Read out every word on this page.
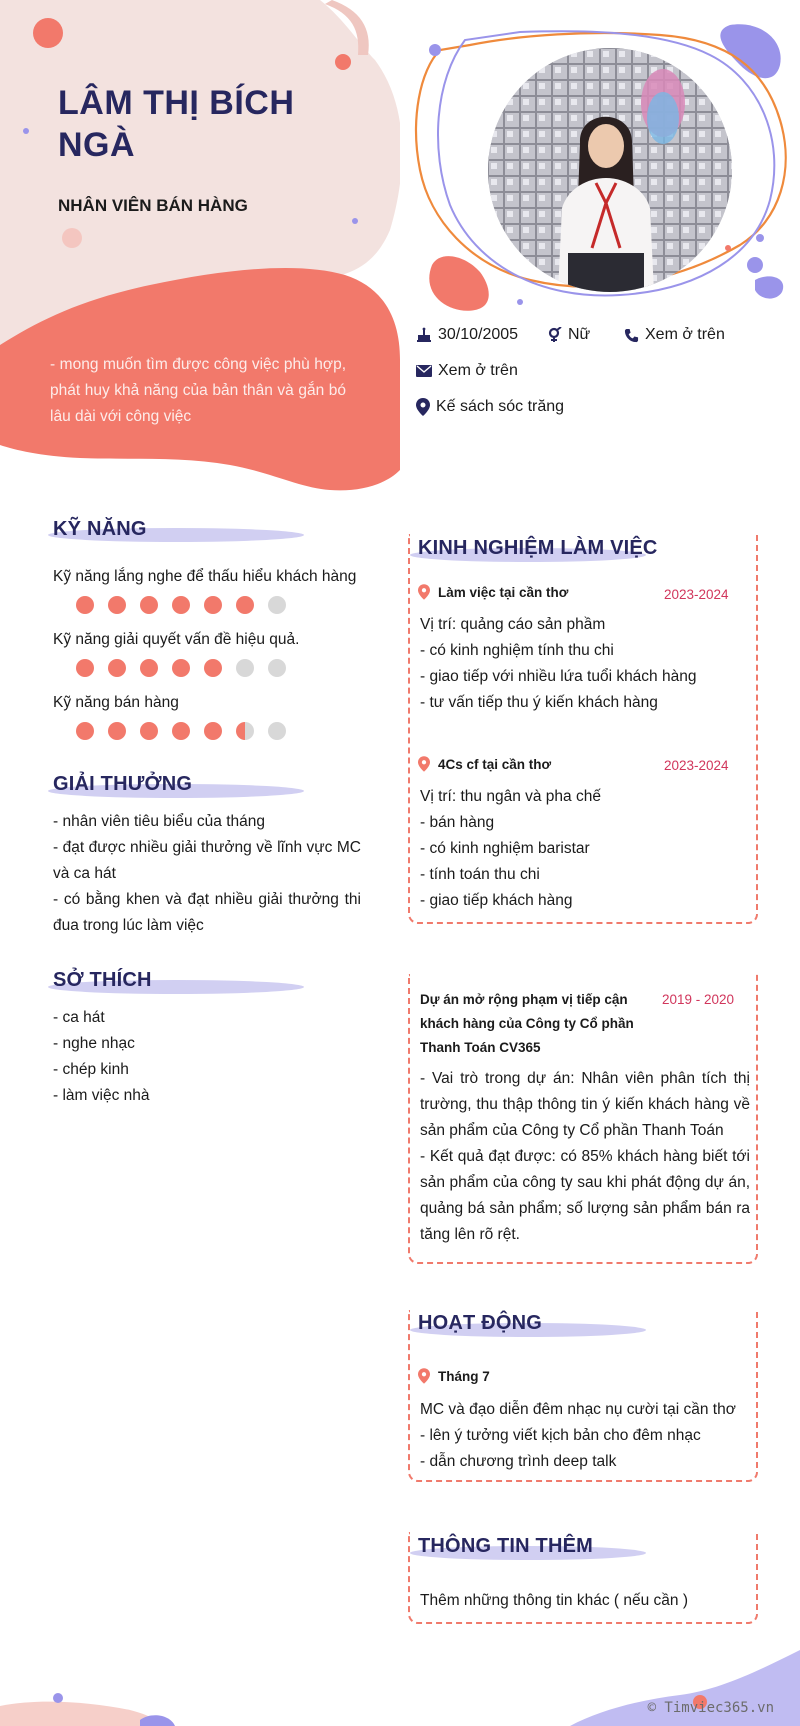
LÂM THỊ BÍCH NGÀ
NHÂN VIÊN BÁN HÀNG
- mong muốn tìm được công việc phù hợp, phát huy khả năng của bản thân và gắn bó lâu dài với công việc
30/10/2005	Nữ	Xem ở trên
Xem ở trên
Kế sách sóc trăng
KỸ NĂNG
Kỹ năng lắng nghe để thấu hiểu khách hàng
Kỹ năng giải quyết vấn đề hiệu quả.
Kỹ năng bán hàng
GIẢI THƯỞNG
- nhân viên tiêu biểu của tháng
- đạt được nhiều giải thưởng về lĩnh vực MC và ca hát
- có bằng khen và đạt nhiều giải thưởng thi đua trong lúc làm việc
SỞ THÍCH
- ca hát
- nghe nhạc
- chép kinh
- làm việc nhà
KINH NGHIỆM LÀM VIỆC
Làm việc tại cần thơ	2023-2024
Vị trí: quảng cáo sản phầm
- có kinh nghiệm tính thu chi
- giao tiếp với nhiều lứa tuổi khách hàng
- tư vấn tiếp thu ý kiến khách hàng
4Cs cf tại cần thơ	2023-2024
Vị trí: thu ngân và pha chế
- bán hàng
- có kinh nghiệm baristar
- tính toán thu chi
- giao tiếp khách hàng
Dự án mở rộng phạm vị tiếp cận khách hàng của Công ty Cổ phần Thanh Toán CV365
2019 - 2020
- Vai trò trong dự án: Nhân viên phân tích thị trường, thu thập thông tin ý kiến khách hàng về sản phẩm của Công ty Cổ phần Thanh Toán
- Kết quả đạt được: có 85% khách hàng biết tới sản phẩm của công ty sau khi phát động dự án, quảng bá sản phẩm; số lượng sản phẩm bán ra tăng lên rõ rệt.
HOẠT ĐỘNG
Tháng 7
MC và đạo diễn đêm nhạc nụ cười tại cần thơ
- lên ý tưởng viết kịch bản cho đêm nhạc
- dẫn chương trình deep talk
THÔNG TIN THÊM
Thêm những thông tin khác ( nếu cần )
© Timviec365.vn
